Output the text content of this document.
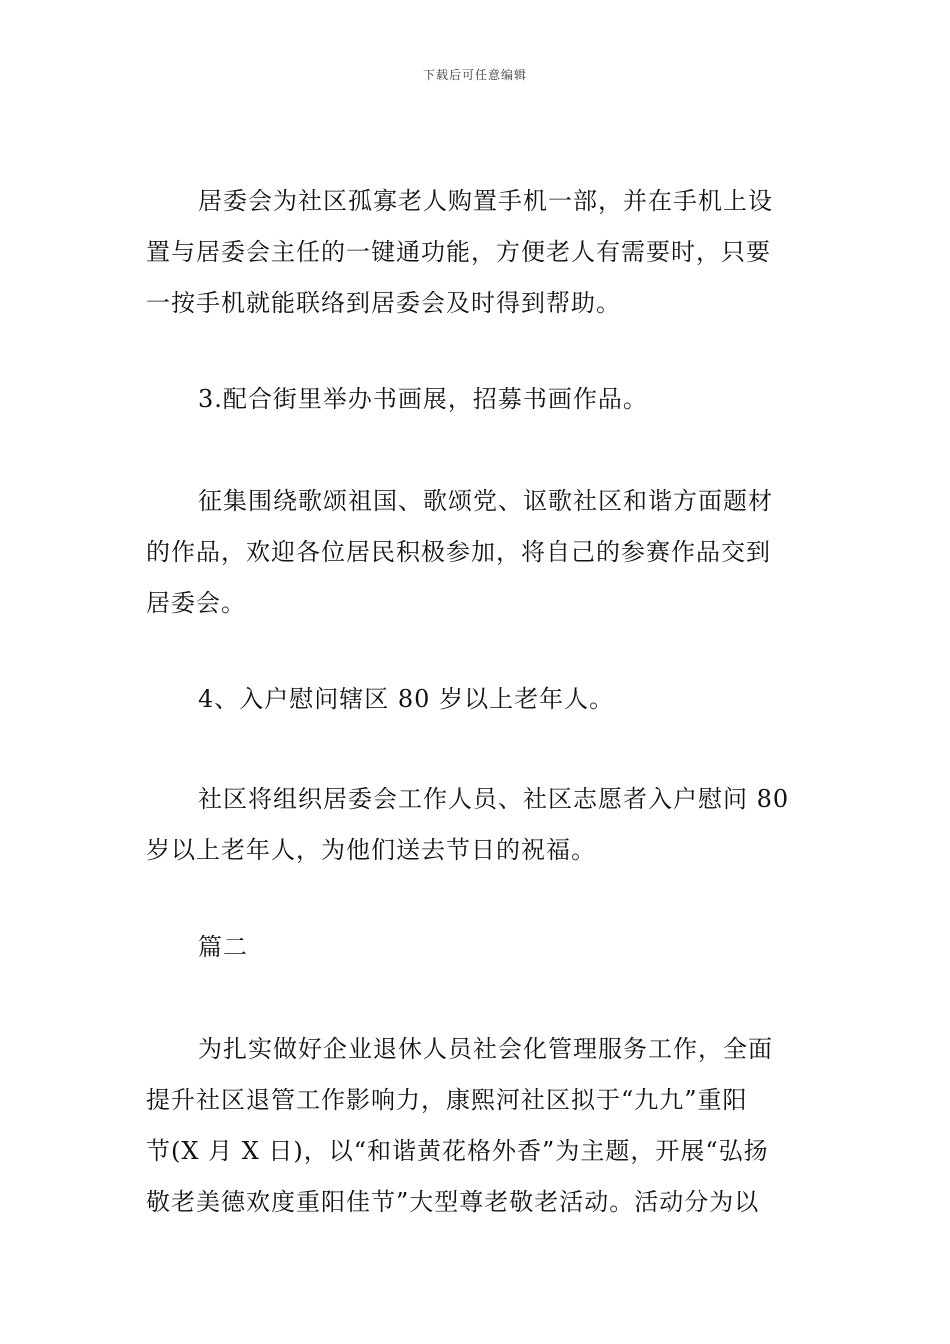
下载后可任意编辑

居委会为社区孤寡老人购置手机一部，并在手机上设
置与居委会主任的一键通功能，方便老人有需要时，只要
一按手机就能联络到居委会及时得到帮助。

3.配合街里举办书画展，招募书画作品。

征集围绕歌颂祖国、歌颂党、讴歌社区和谐方面题材
的作品，欢迎各位居民积极参加，将自己的参赛作品交到
居委会。

4、入户慰问辖区 80 岁以上老年人。

社区将组织居委会工作人员、社区志愿者入户慰问 80
岁以上老年人，为他们送去节日的祝福。

篇二

为扎实做好企业退休人员社会化管理服务工作，全面
提升社区退管工作影响力，康熙河社区拟于“九九”重阳
节(X 月 X 日)，以“和谐黄花格外香”为主题，开展“弘扬
敬老美德欢度重阳佳节”大型尊老敬老活动。活动分为以
